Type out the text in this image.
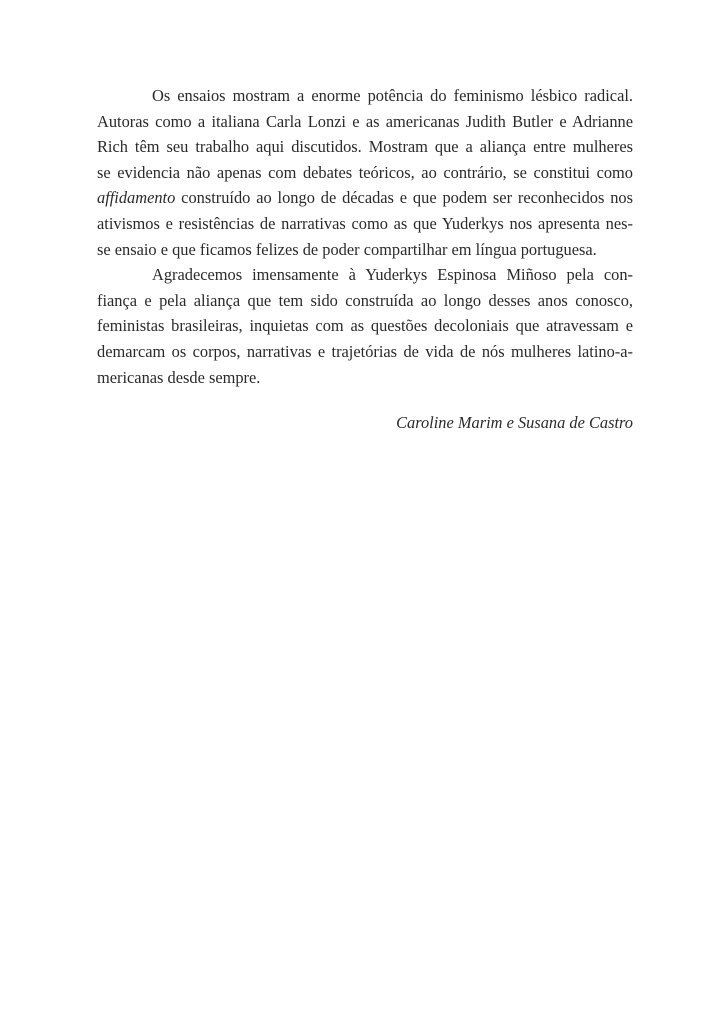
Os ensaios mostram a enorme potência do feminismo lésbico radical.
Autoras como a italiana Carla Lonzi e as americanas Judith Butler e Adrianne
Rich têm seu trabalho aqui discutidos. Mostram que a aliança entre mulheres
se evidencia não apenas com debates teóricos, ao contrário, se constitui como
affidamento construído ao longo de décadas e que podem ser reconhecidos nos
ativismos e resistências de narrativas como as que Yuderkys nos apresenta nes-
se ensaio e que ficamos felizes de poder compartilhar em língua portuguesa.
Agradecemos imensamente à Yuderkys Espinosa Miñoso pela con-
fiança e pela aliança que tem sido construída ao longo desses anos conosco,
feministas brasileiras, inquietas com as questões decoloniais que atravessam e
demarcam os corpos, narrativas e trajetórias de vida de nós mulheres latino-a-
mericanas desde sempre.
Caroline Marim e Susana de Castro
